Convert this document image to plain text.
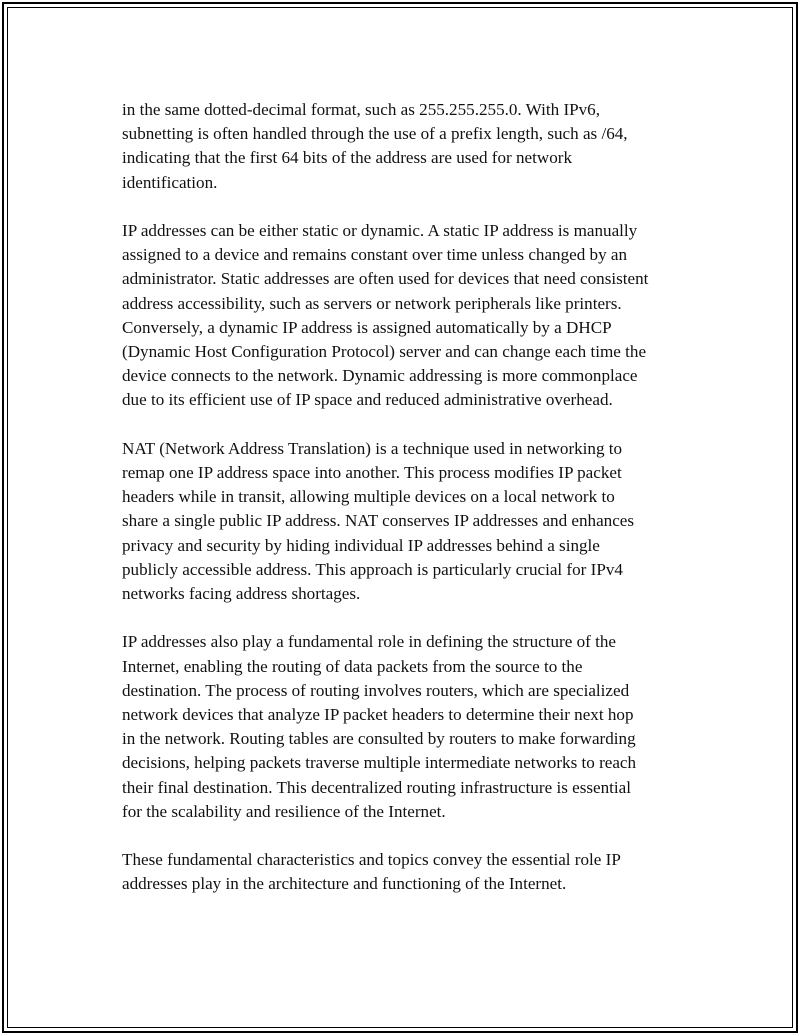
in the same dotted-decimal format, such as 255.255.255.0. With IPv6,
subnetting is often handled through the use of a prefix length, such as /64,
indicating that the first 64 bits of the address are used for network
identification.

IP addresses can be either static or dynamic. A static IP address is manually
assigned to a device and remains constant over time unless changed by an
administrator. Static addresses are often used for devices that need consistent
address accessibility, such as servers or network peripherals like printers.
Conversely, a dynamic IP address is assigned automatically by a DHCP
(Dynamic Host Configuration Protocol) server and can change each time the
device connects to the network. Dynamic addressing is more commonplace
due to its efficient use of IP space and reduced administrative overhead.

NAT (Network Address Translation) is a technique used in networking to
remap one IP address space into another. This process modifies IP packet
headers while in transit, allowing multiple devices on a local network to
share a single public IP address. NAT conserves IP addresses and enhances
privacy and security by hiding individual IP addresses behind a single
publicly accessible address. This approach is particularly crucial for IPv4
networks facing address shortages.

IP addresses also play a fundamental role in defining the structure of the
Internet, enabling the routing of data packets from the source to the
destination. The process of routing involves routers, which are specialized
network devices that analyze IP packet headers to determine their next hop
in the network. Routing tables are consulted by routers to make forwarding
decisions, helping packets traverse multiple intermediate networks to reach
their final destination. This decentralized routing infrastructure is essential
for the scalability and resilience of the Internet.

These fundamental characteristics and topics convey the essential role IP
addresses play in the architecture and functioning of the Internet.
